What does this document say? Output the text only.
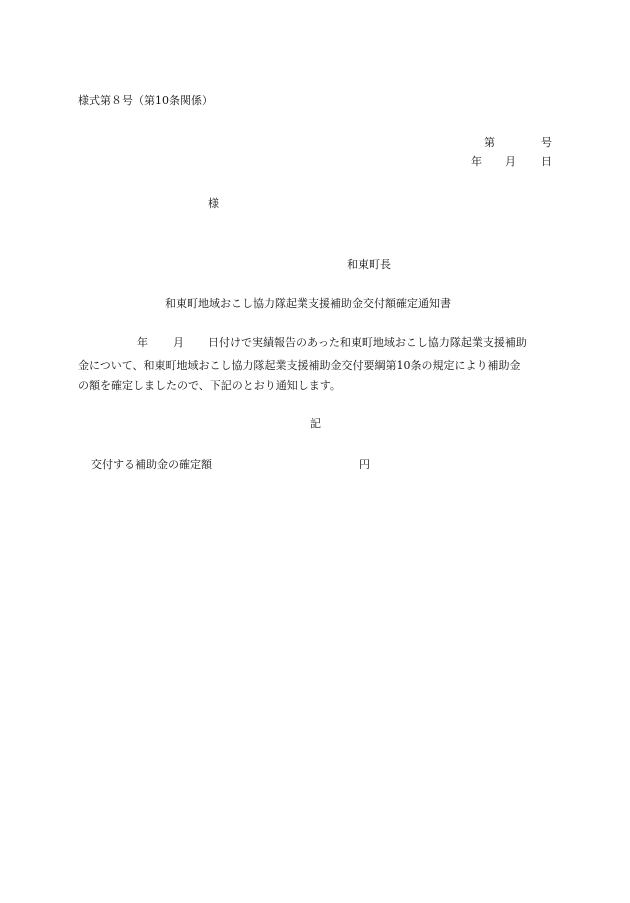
様式第８号（第10条関係）
第	号
年 月 日
様
和東町長
和東町地域おこし協力隊起業支援補助金交付額確定通知書
年 月 日付けで実績報告のあった和東町地域おこし協力隊起業支援補助
金について、和東町地域おこし協力隊起業支援補助金交付要綱第10条の規定により補助金
の額を確定しましたので、下記のとおり通知します。
記
交付する補助金の確定額	円
